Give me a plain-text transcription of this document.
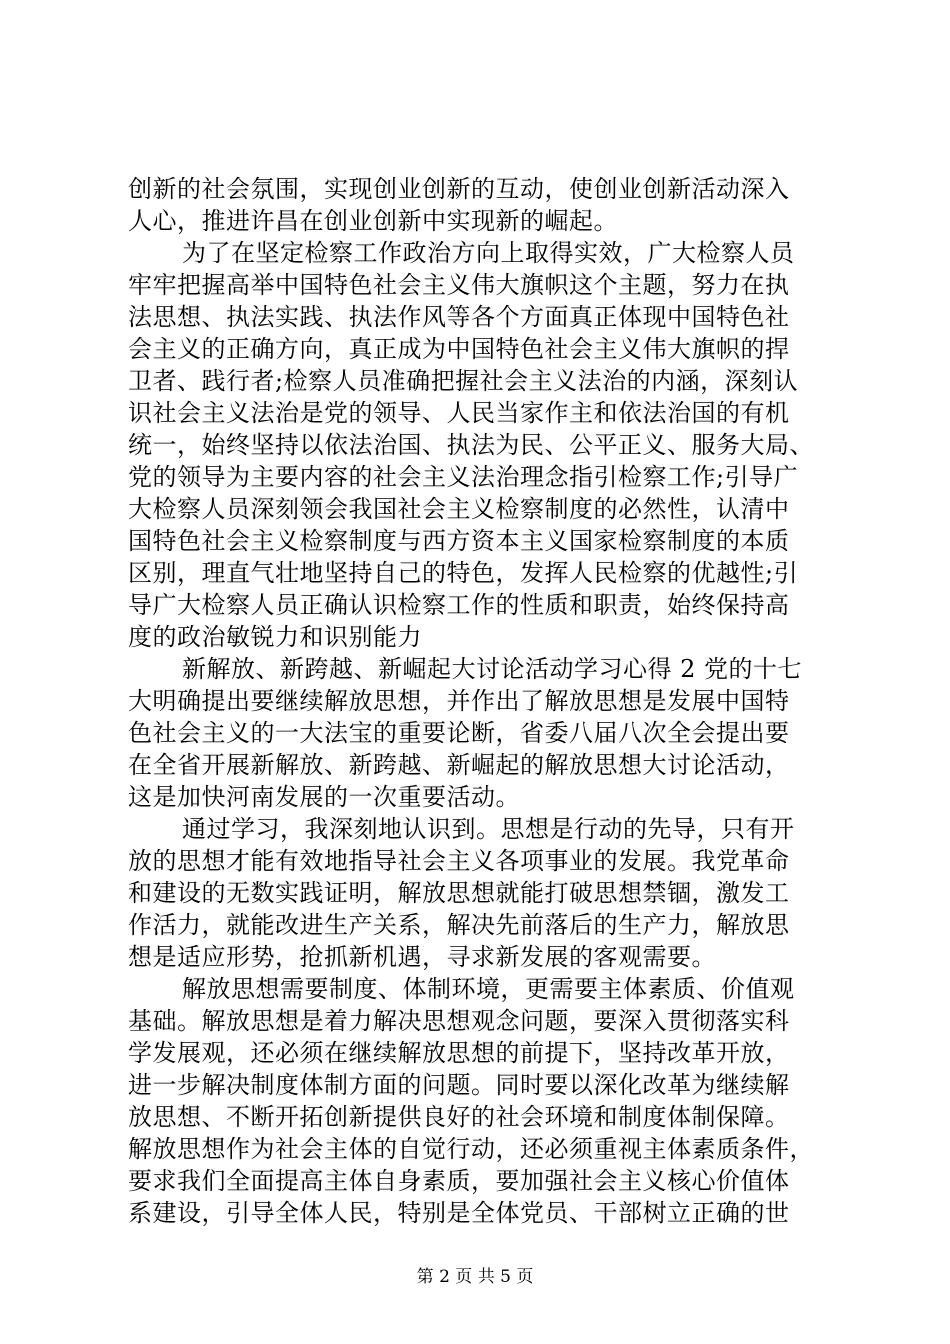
创新的社会氛围，实现创业创新的互动，使创业创新活动深入
人心，推进许昌在创业创新中实现新的崛起。
为了在坚定检察工作政治方向上取得实效，广大检察人员
牢牢把握高举中国特色社会主义伟大旗帜这个主题，努力在执
法思想、执法实践、执法作风等各个方面真正体现中国特色社
会主义的正确方向，真正成为中国特色社会主义伟大旗帜的捍
卫者、践行者;检察人员准确把握社会主义法治的内涵，深刻认
识社会主义法治是党的领导、人民当家作主和依法治国的有机
统一，始终坚持以依法治国、执法为民、公平正义、服务大局、
党的领导为主要内容的社会主义法治理念指引检察工作;引导广
大检察人员深刻领会我国社会主义检察制度的必然性，认清中
国特色社会主义检察制度与西方资本主义国家检察制度的本质
区别，理直气壮地坚持自己的特色，发挥人民检察的优越性;引
导广大检察人员正确认识检察工作的性质和职责，始终保持高
度的政治敏锐力和识别能力
新解放、新跨越、新崛起大讨论活动学习心得 2 党的十七
大明确提出要继续解放思想，并作出了解放思想是发展中国特
色社会主义的一大法宝的重要论断，省委八届八次全会提出要
在全省开展新解放、新跨越、新崛起的解放思想大讨论活动，
这是加快河南发展的一次重要活动。
通过学习，我深刻地认识到。思想是行动的先导，只有开
放的思想才能有效地指导社会主义各项事业的发展。我党革命
和建设的无数实践证明，解放思想就能打破思想禁锢，激发工
作活力，就能改进生产关系，解决先前落后的生产力，解放思
想是适应形势，抢抓新机遇，寻求新发展的客观需要。
解放思想需要制度、体制环境，更需要主体素质、价值观
基础。解放思想是着力解决思想观念问题，要深入贯彻落实科
学发展观，还必须在继续解放思想的前提下，坚持改革开放，
进一步解决制度体制方面的问题。同时要以深化改革为继续解
放思想、不断开拓创新提供良好的社会环境和制度体制保障。
解放思想作为社会主体的自觉行动，还必须重视主体素质条件，
要求我们全面提高主体自身素质，要加强社会主义核心价值体
系建设，引导全体人民，特别是全体党员、干部树立正确的世
第 2 页 共 5 页
